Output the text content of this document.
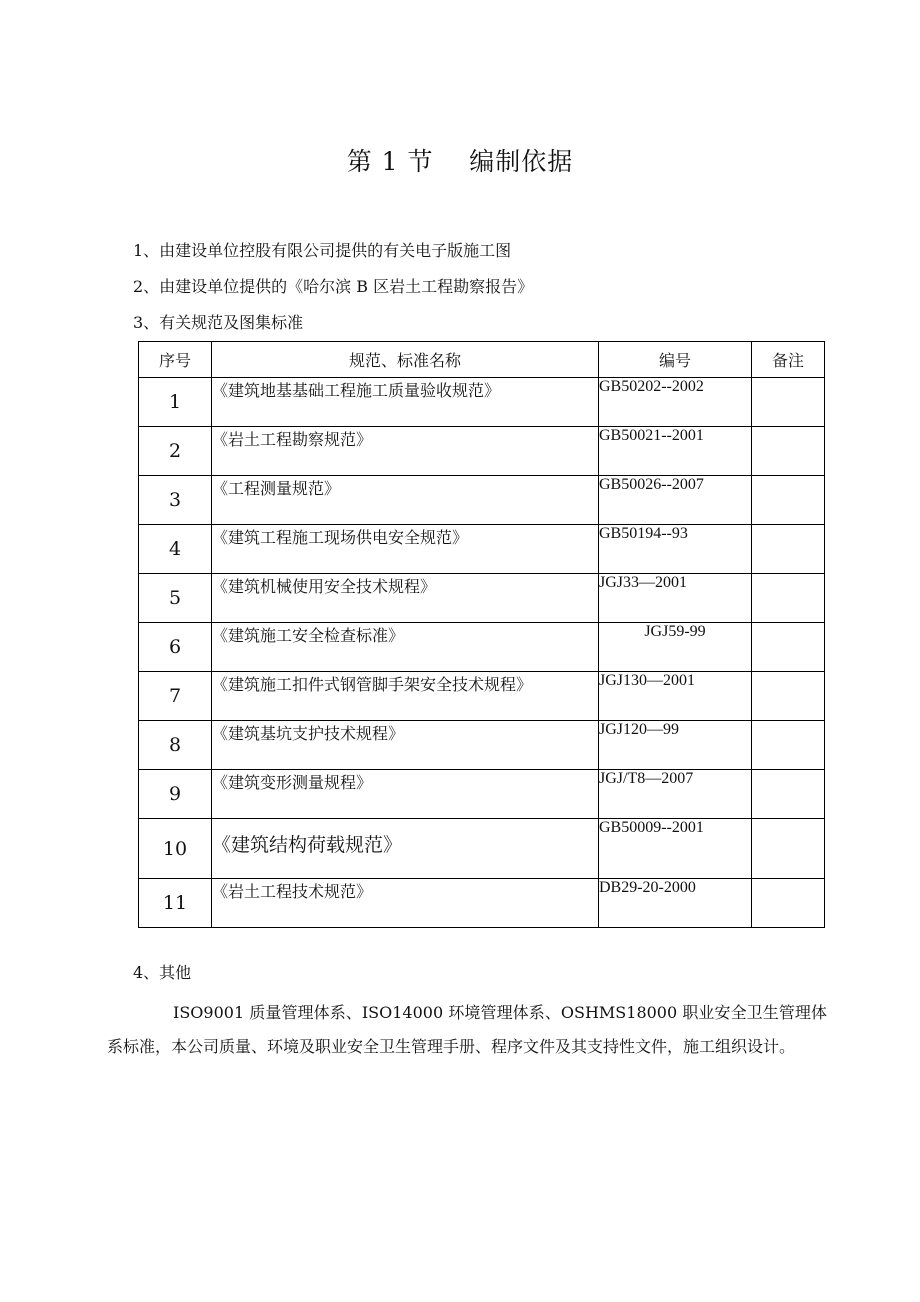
第 1 节    编制依据
1、由建设单位控股有限公司提供的有关电子版施工图
2、由建设单位提供的《哈尔滨 B 区岩土工程勘察报告》
3、有关规范及图集标准
序号	规范、标准名称	编号	备注
1	《建筑地基基础工程施工质量验收规范》	GB50202--2002	
2	《岩土工程勘察规范》	GB50021--2001	
3	《工程测量规范》	GB50026--2007	
4	《建筑工程施工现场供电安全规范》	GB50194--93	
5	《建筑机械使用安全技术规程》	JGJ33—2001	
6	《建筑施工安全检查标准》	JGJ59-99	
7	《建筑施工扣件式钢管脚手架安全技术规程》	JGJ130—2001	
8	《建筑基坑支护技术规程》	JGJ120—99	
9	《建筑变形测量规程》	JGJ/T8—2007	
10	《建筑结构荷载规范》	GB50009--2001	
11	《岩土工程技术规范》	DB29-20-2000	
4、其他
ISO9001 质量管理体系、ISO14000 环境管理体系、OSHMS18000 职业安全卫生管理体系标准，本公司质量、环境及职业安全卫生管理手册、程序文件及其支持性文件，施工组织设计。
